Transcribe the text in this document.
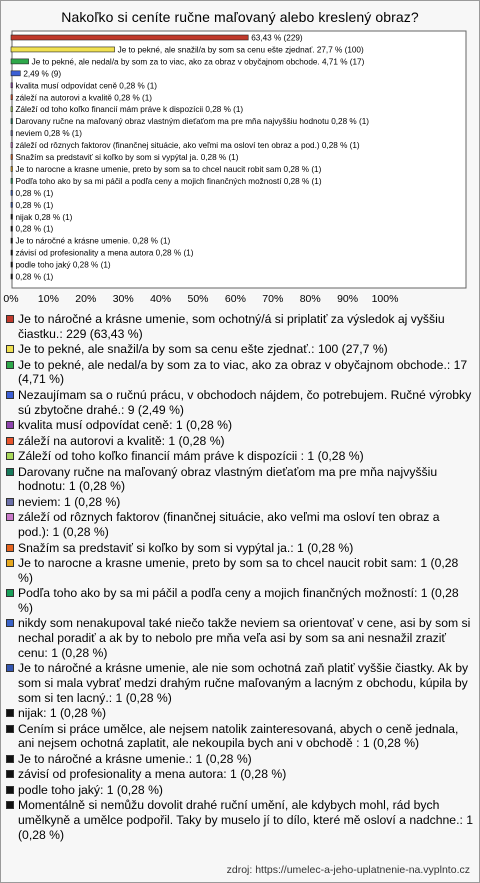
Nakoľko si ceníte ručne maľovaný alebo kreslený obraz?
63,43 % (229)
Je to pekné, ale snažil/a by som sa cenu ešte zjednať. 27,7 % (100)
Je to pekné, ale nedal/a by som za to viac, ako za obraz v obyčajnom obchode. 4,71 % (17)
2,49 % (9)
kvalita musí odpovídat ceně 0,28 % (1)
záleží na autorovi a kvalitě 0,28 % (1)
Záleží od toho koľko financií mám práve k dispozícii 0,28 % (1)
Darovany ručne na maľovaný obraz vlastným dieťaťom ma pre mňa najvyššiu hodnotu 0,28 % (1)
neviem 0,28 % (1)
záleží od rôznych faktorov (finančnej situácie, ako veľmi ma osloví ten obraz a pod.) 0,28 % (1)
Snažím sa predstaviť si koľko by som si vypýtal ja. 0,28 % (1)
Je to narocne a krasne umenie, preto by som sa to chcel naucit robit sam 0,28 % (1)
Podľa toho ako by sa mi páčil a podľa ceny a mojich finančných možností 0,28 % (1)
0,28 % (1)
0,28 % (1)
nijak 0,28 % (1)
0,28 % (1)
Je to náročné a krásne umenie. 0,28 % (1)
závisí od profesionality a mena autora 0,28 % (1)
podle toho jaký 0,28 % (1)
0,28 % (1)
0% 10% 20% 30% 40% 50% 60% 70% 80% 90% 100%
Je to náročné a krásne umenie, som ochotný/á si priplatiť za výsledok aj vyššiu čiastku.: 229 (63,43 %)
Je to pekné, ale snažil/a by som sa cenu ešte zjednať.: 100 (27,7 %)
Je to pekné, ale nedal/a by som za to viac, ako za obraz v obyčajnom obchode.: 17 (4,71 %)
Nezaujímam sa o ručnú prácu, v obchodoch nájdem, čo potrebujem. Ručné výrobky sú zbytočne drahé.: 9 (2,49 %)
kvalita musí odpovídat ceně: 1 (0,28 %)
záleží na autorovi a kvalitě: 1 (0,28 %)
Záleží od toho koľko financií mám práve k dispozícii : 1 (0,28 %)
Darovany ručne na maľovaný obraz vlastným dieťaťom ma pre mňa najvyššiu hodnotu: 1 (0,28 %)
neviem: 1 (0,28 %)
záleží od rôznych faktorov (finančnej situácie, ako veľmi ma osloví ten obraz a pod.): 1 (0,28 %)
Snažím sa predstaviť si koľko by som si vypýtal ja.: 1 (0,28 %)
Je to narocne a krasne umenie, preto by som sa to chcel naucit robit sam: 1 (0,28 %)
Podľa toho ako by sa mi páčil a podľa ceny a mojich finančných možností: 1 (0,28 %)
nikdy som nenakupoval také niečo takže neviem sa orientovať v cene, asi by som si nechal poradiť a ak by to nebolo pre mňa veľa asi by som sa ani nesnažil zraziť cenu: 1 (0,28 %)
Je to náročné a krásne umenie, ale nie som ochotná zaň platiť vyššie čiastky. Ak by som si mala vybrať medzi drahým ručne maľovaným a lacným z obchodu, kúpila by som si ten lacný.: 1 (0,28 %)
nijak: 1 (0,28 %)
Cením si práce umělce, ale nejsem natolik zainteresovaná, abych o ceně jednala, ani nejsem ochotná zaplatit, ale nekoupila bych ani v obchodě : 1 (0,28 %)
Je to náročné a krásne umenie.: 1 (0,28 %)
závisí od profesionality a mena autora: 1 (0,28 %)
podle toho jaký: 1 (0,28 %)
Momentálně si nemůžu dovolit drahé ruční umění, ale kdybych mohl, rád bych umělkyně a umělce podpořil. Taky by muselo jí to dílo, které mě osloví a nadchne.: 1 (0,28 %)
zdroj: https://umelec-a-jeho-uplatnenie-na.vyplnto.cz
